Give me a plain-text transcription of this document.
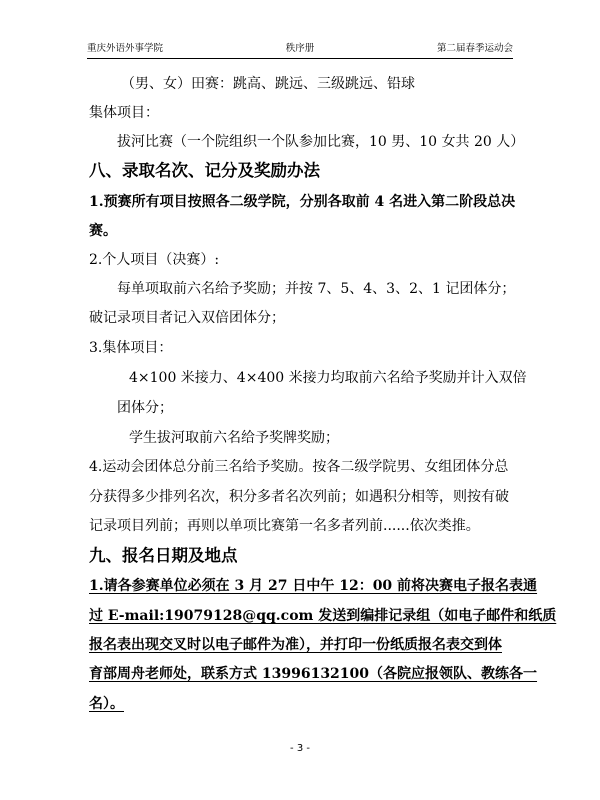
重庆外语外事学院	秩序册	第二届春季运动会
（男、女）田赛：跳高、跳远、三级跳远、铅球
集体项目：
拔河比赛（一个院组织一个队参加比赛，10 男、10 女共 20 人）
八、录取名次、记分及奖励办法
1.预赛所有项目按照各二级学院，分别各取前 4 名进入第二阶段总决
赛。
2.个人项目（决赛）:
每单项取前六名给予奖励；并按 7、5、4、3、2、1 记团体分；
破记录项目者记入双倍团体分；
3.集体项目：
4×100 米接力、4×400 米接力均取前六名给予奖励并计入双倍
团体分；
学生拔河取前六名给予奖牌奖励；
4.运动会团体总分前三名给予奖励。按各二级学院男、女组团体分总
分获得多少排列名次，积分多者名次列前；如遇积分相等，则按有破
记录项目列前；再则以单项比赛第一名多者列前......依次类推。
九、报名日期及地点
1.请各参赛单位必须在 3 月 27 日中午 12：00 前将决赛电子报名表通
过 E-mail:19079128@qq.com 发送到编排记录组（如电子邮件和纸质
报名表出现交叉时以电子邮件为准），并打印一份纸质报名表交到体
育部周舟老师处，联系方式 13996132100（各院应报领队、教练各一
名）。
- 3 -
